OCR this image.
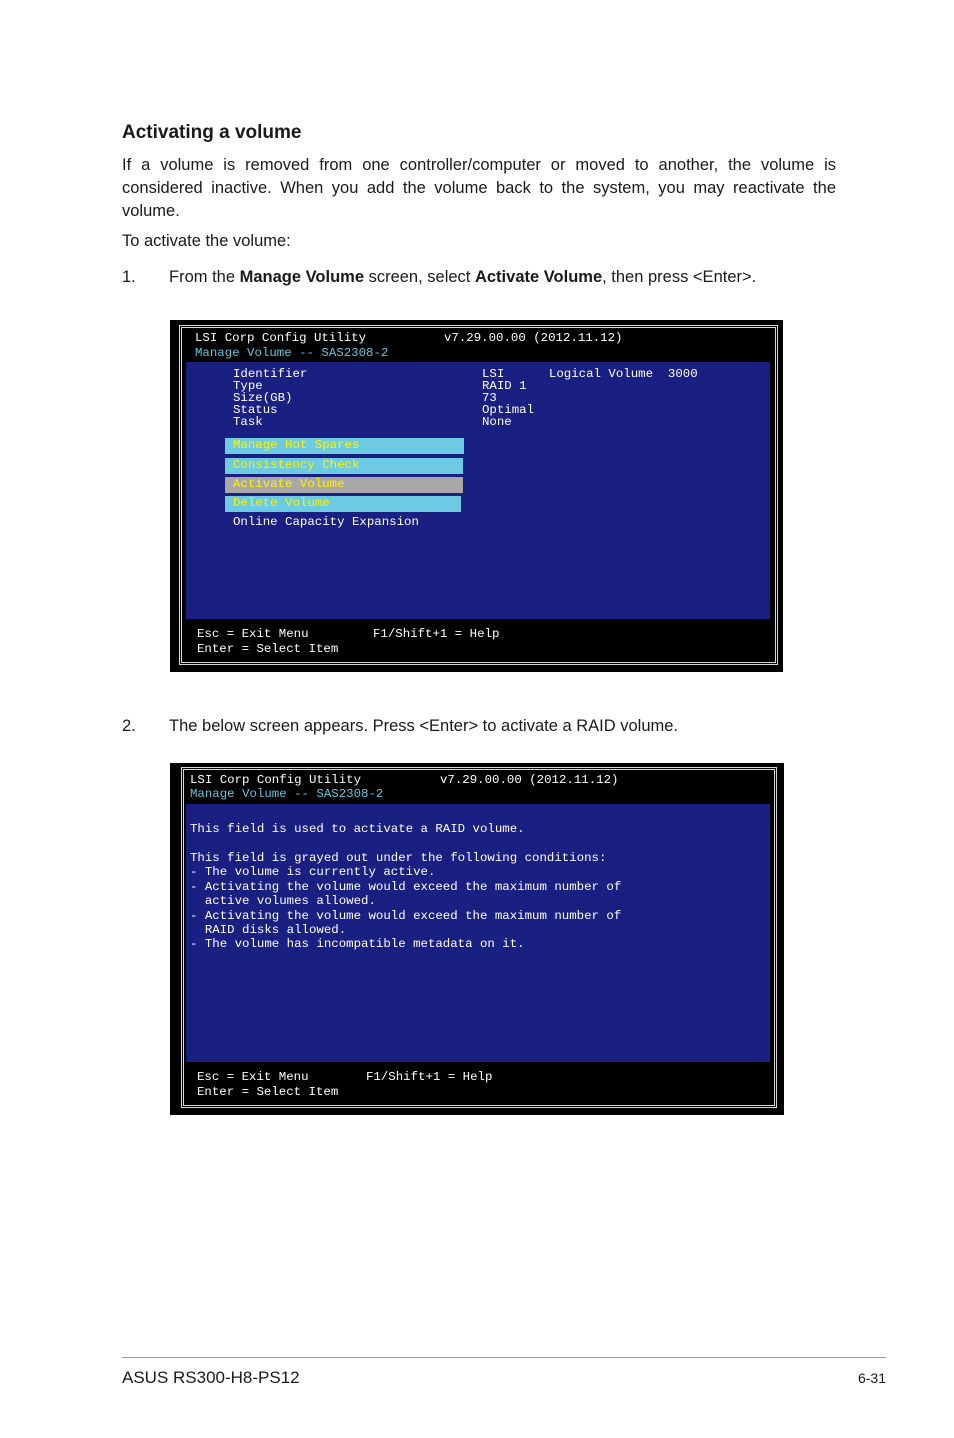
Activating a volume

If a volume is removed from one controller/computer or moved to another, the volume is considered inactive. When you add the volume back to the system, you may reactivate the volume.

To activate the volume:

1. From the Manage Volume screen, select Activate Volume, then press <Enter>.
LSI Corp Config Utility	v7.29.00.00 (2012.11.12)
Manage Volume -- SAS2308-2
Identifier	LSI      Logical Volume  3000
Type	RAID 1
Size(GB)	73
Status	Optimal
Task	None
Manage Hot Spares
Consistency Check
Activate Volume
Delete Volume
Online Capacity Expansion
Esc = Exit Menu	F1/Shift+1 = Help
Enter = Select Item
2. The below screen appears. Press <Enter> to activate a RAID volume.
LSI Corp Config Utility	v7.29.00.00 (2012.11.12)
Manage Volume -- SAS2308-2
This field is used to activate a RAID volume.
This field is grayed out under the following conditions:
- The volume is currently active.
- Activating the volume would exceed the maximum number of
active volumes allowed.
- Activating the volume would exceed the maximum number of
RAID disks allowed.
- The volume has incompatible metadata on it.
Esc = Exit Menu	F1/Shift+1 = Help
Enter = Select Item
ASUS RS300-H8-PS12	6-31
